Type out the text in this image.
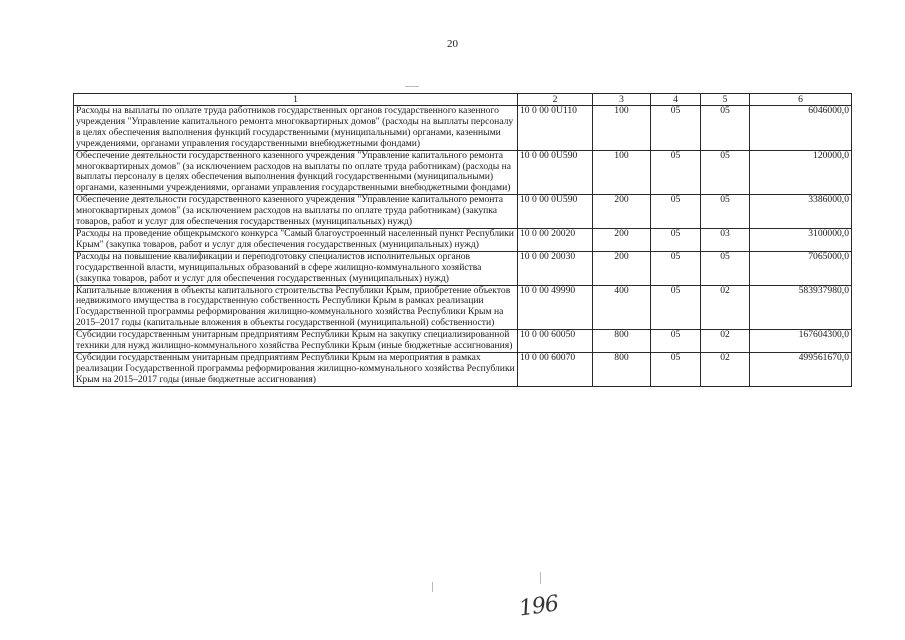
20
1	2	3	4	5	6
Расходы на выплаты по оплате труда работников государственных органов государственного казенного учреждения "Управление капитального ремонта многоквартирных домов" (расходы на выплаты персоналу в целях обеспечения выполнения функций государственными (муниципальными) органами, казенными учреждениями, органами управления государственными внебюджетными фондами)	10 0 00 0U110	100	05	05	6046000,0
Обеспечение деятельности государственного казенного учреждения "Управление капитального ремонта многоквартирных домов" (за исключением расходов на выплаты по оплате труда работникам) (расходы на выплаты персоналу в целях обеспечения выполнения функций государственными (муниципальными) органами, казенными учреждениями, органами управления государственными внебюджетными фондами)	10 0 00 0U590	100	05	05	120000,0
Обеспечение деятельности государственного казенного учреждения "Управление капитального ремонта многоквартирных домов" (за исключением расходов на выплаты по оплате труда работникам) (закупка товаров, работ и услуг для обеспечения государственных (муниципальных) нужд)	10 0 00 0U590	200	05	05	3386000,0
Расходы на проведение общекрымского конкурса "Самый благоустроенный населенный пункт Республики Крым" (закупка товаров, работ и услуг для обеспечения государственных (муниципальных) нужд)	10 0 00 20020	200	05	03	3100000,0
Расходы на повышение квалификации и переподготовку специалистов исполнительных органов государственной власти, муниципальных образований в сфере жилищно-коммунального хозяйства (закупка товаров, работ и услуг для обеспечения государственных (муниципальных) нужд)	10 0 00 20030	200	05	05	7065000,0
Капитальные вложения в объекты капитального строительства Республики Крым, приобретение объектов недвижимого имущества в государственную собственность Республики Крым в рамках реализации Государственной программы реформирования жилищно-коммунального хозяйства Республики Крым на 2015–2017 годы (капитальные вложения в объекты государственной (муниципальной) собственности)	10 0 00 49990	400	05	02	583937980,0
Субсидии государственным унитарным предприятиям Республики Крым на закупку специализированной техники для нужд жилищно-коммунального хозяйства Республики Крым (иные бюджетные ассигнования)	10 0 00 60050	800	05	02	167604300,0
Субсидии государственным унитарным предприятиям Республики Крым на мероприятия в рамках реализации Государственной программы реформирования жилищно-коммунального хозяйства Республики Крым на 2015–2017 годы (иные бюджетные ассигнования)	10 0 00 60070	800	05	02	499561670,0
196
